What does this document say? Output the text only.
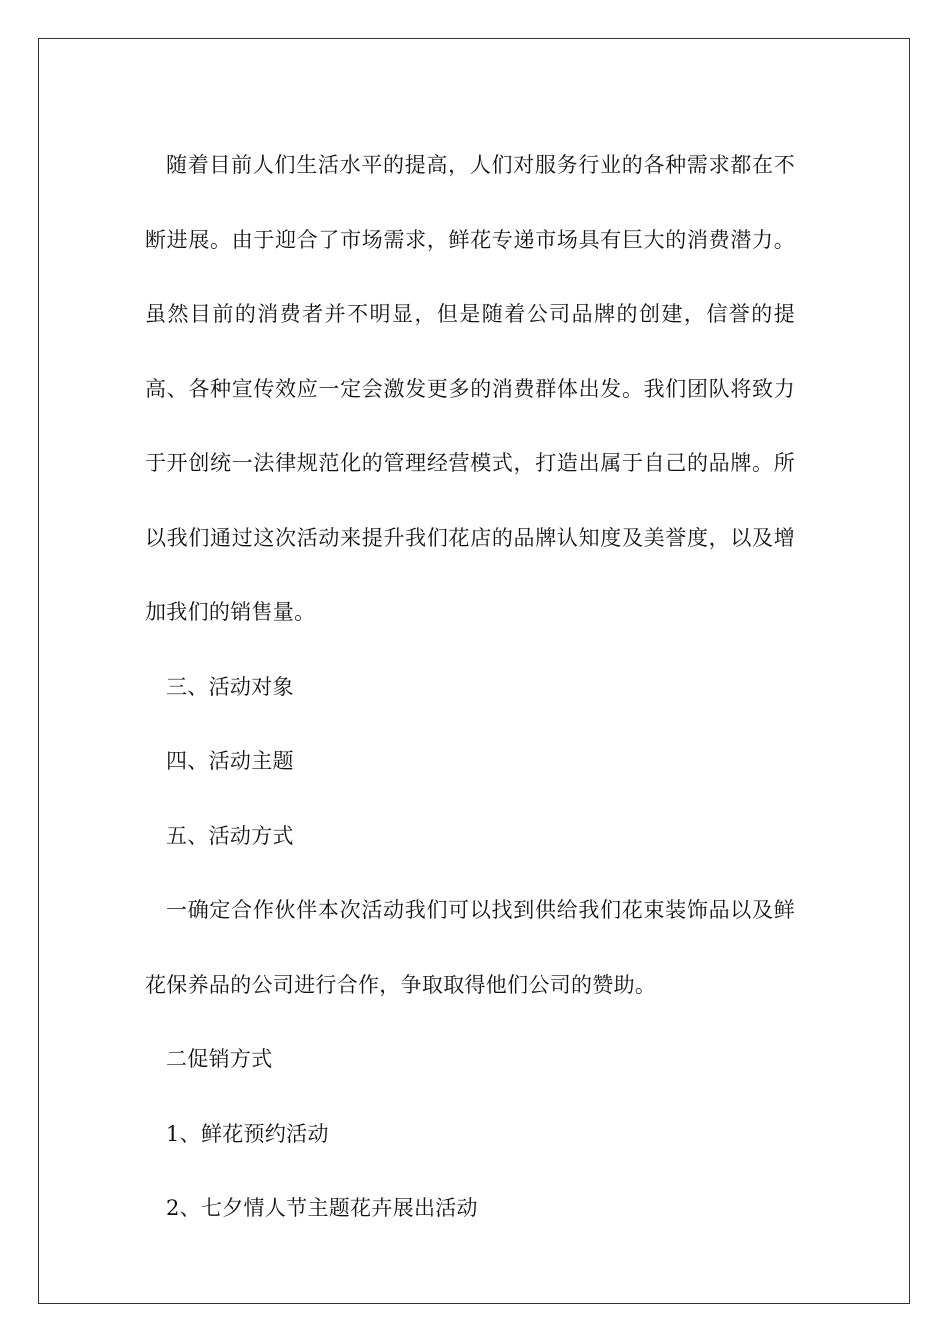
随着目前人们生活水平的提高，人们对服务行业的各种需求都在不断进展。由于迎合了市场需求，鲜花专递市场具有巨大的消费潜力。虽然目前的消费者并不明显，但是随着公司品牌的创建，信誉的提高、各种宣传效应一定会激发更多的消费群体出发。我们团队将致力于开创统一法律规范化的管理经营模式，打造出属于自己的品牌。所以我们通过这次活动来提升我们花店的品牌认知度及美誉度，以及增加我们的销售量。

三、活动对象

四、活动主题

五、活动方式

一确定合作伙伴本次活动我们可以找到供给我们花束装饰品以及鲜花保养品的公司进行合作，争取取得他们公司的赞助。

二促销方式

1、鲜花预约活动

2、七夕情人节主题花卉展出活动
